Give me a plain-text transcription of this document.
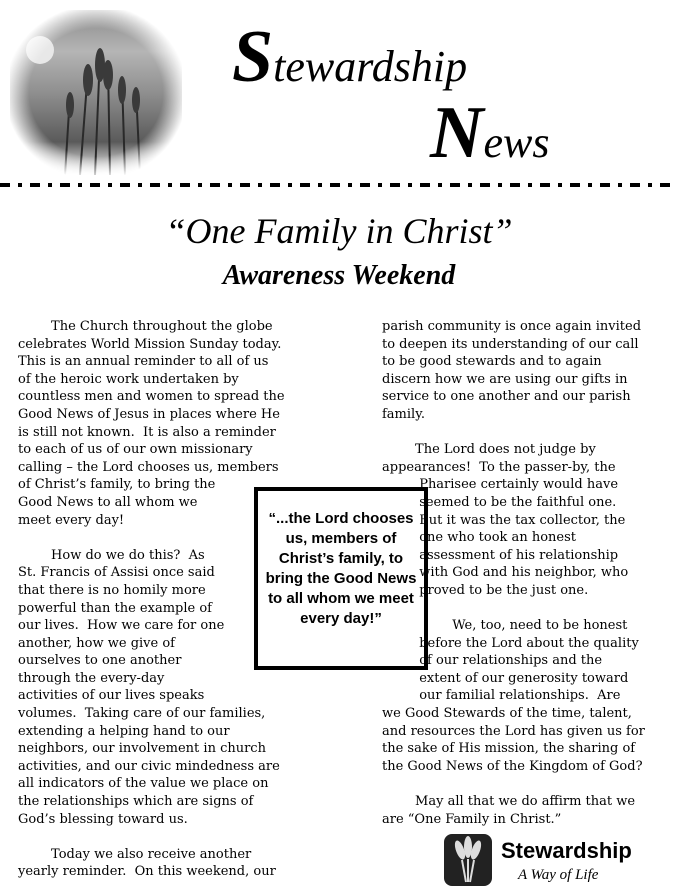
Stewardship
News
“One Family in Christ”
Awareness Weekend
The Church throughout the globe
celebrates World Mission Sunday today.
This is an annual reminder to all of us
of the heroic work undertaken by
countless men and women to spread the
Good News of Jesus in places where He
is still not known.  It is also a reminder
to each of us of our own missionary
calling – the Lord chooses us, members
of Christ’s family, to bring the
Good News to all whom we
meet every day!
How do we do this?  As
St. Francis of Assisi once said
that there is no homily more
powerful than the example of
our lives.  How we care for one
another, how we give of
ourselves to one another
through the every-day
activities of our lives speaks
volumes.  Taking care of our families,
extending a helping hand to our
neighbors, our involvement in church
activities, and our civic mindedness are
all indicators of the value we place on
the relationships which are signs of
God’s blessing toward us.
Today we also receive another
yearly reminder.  On this weekend, our
parish community is once again invited
to deepen its understanding of our call
to be good stewards and to again
discern how we are using our gifts in
service to one another and our parish
family.
The Lord does not judge by
appearances!  To the passer-by, the
Pharisee certainly would have
seemed to be the faithful one.
But it was the tax collector, the
one who took an honest
assessment of his relationship
with God and his neighbor, who
proved to be the just one.
We, too, need to be honest
before the Lord about the quality
of our relationships and the
extent of our generosity toward
our familial relationships.  Are
we Good Stewards of the time, talent,
and resources the Lord has given us for
the sake of His mission, the sharing of
the Good News of the Kingdom of God?
May all that we do affirm that we
are “One Family in Christ.”
“...the Lord chooses us, members of Christ’s family, to bring the Good News to all whom we meet every day!”
Stewardship
A Way of Life
